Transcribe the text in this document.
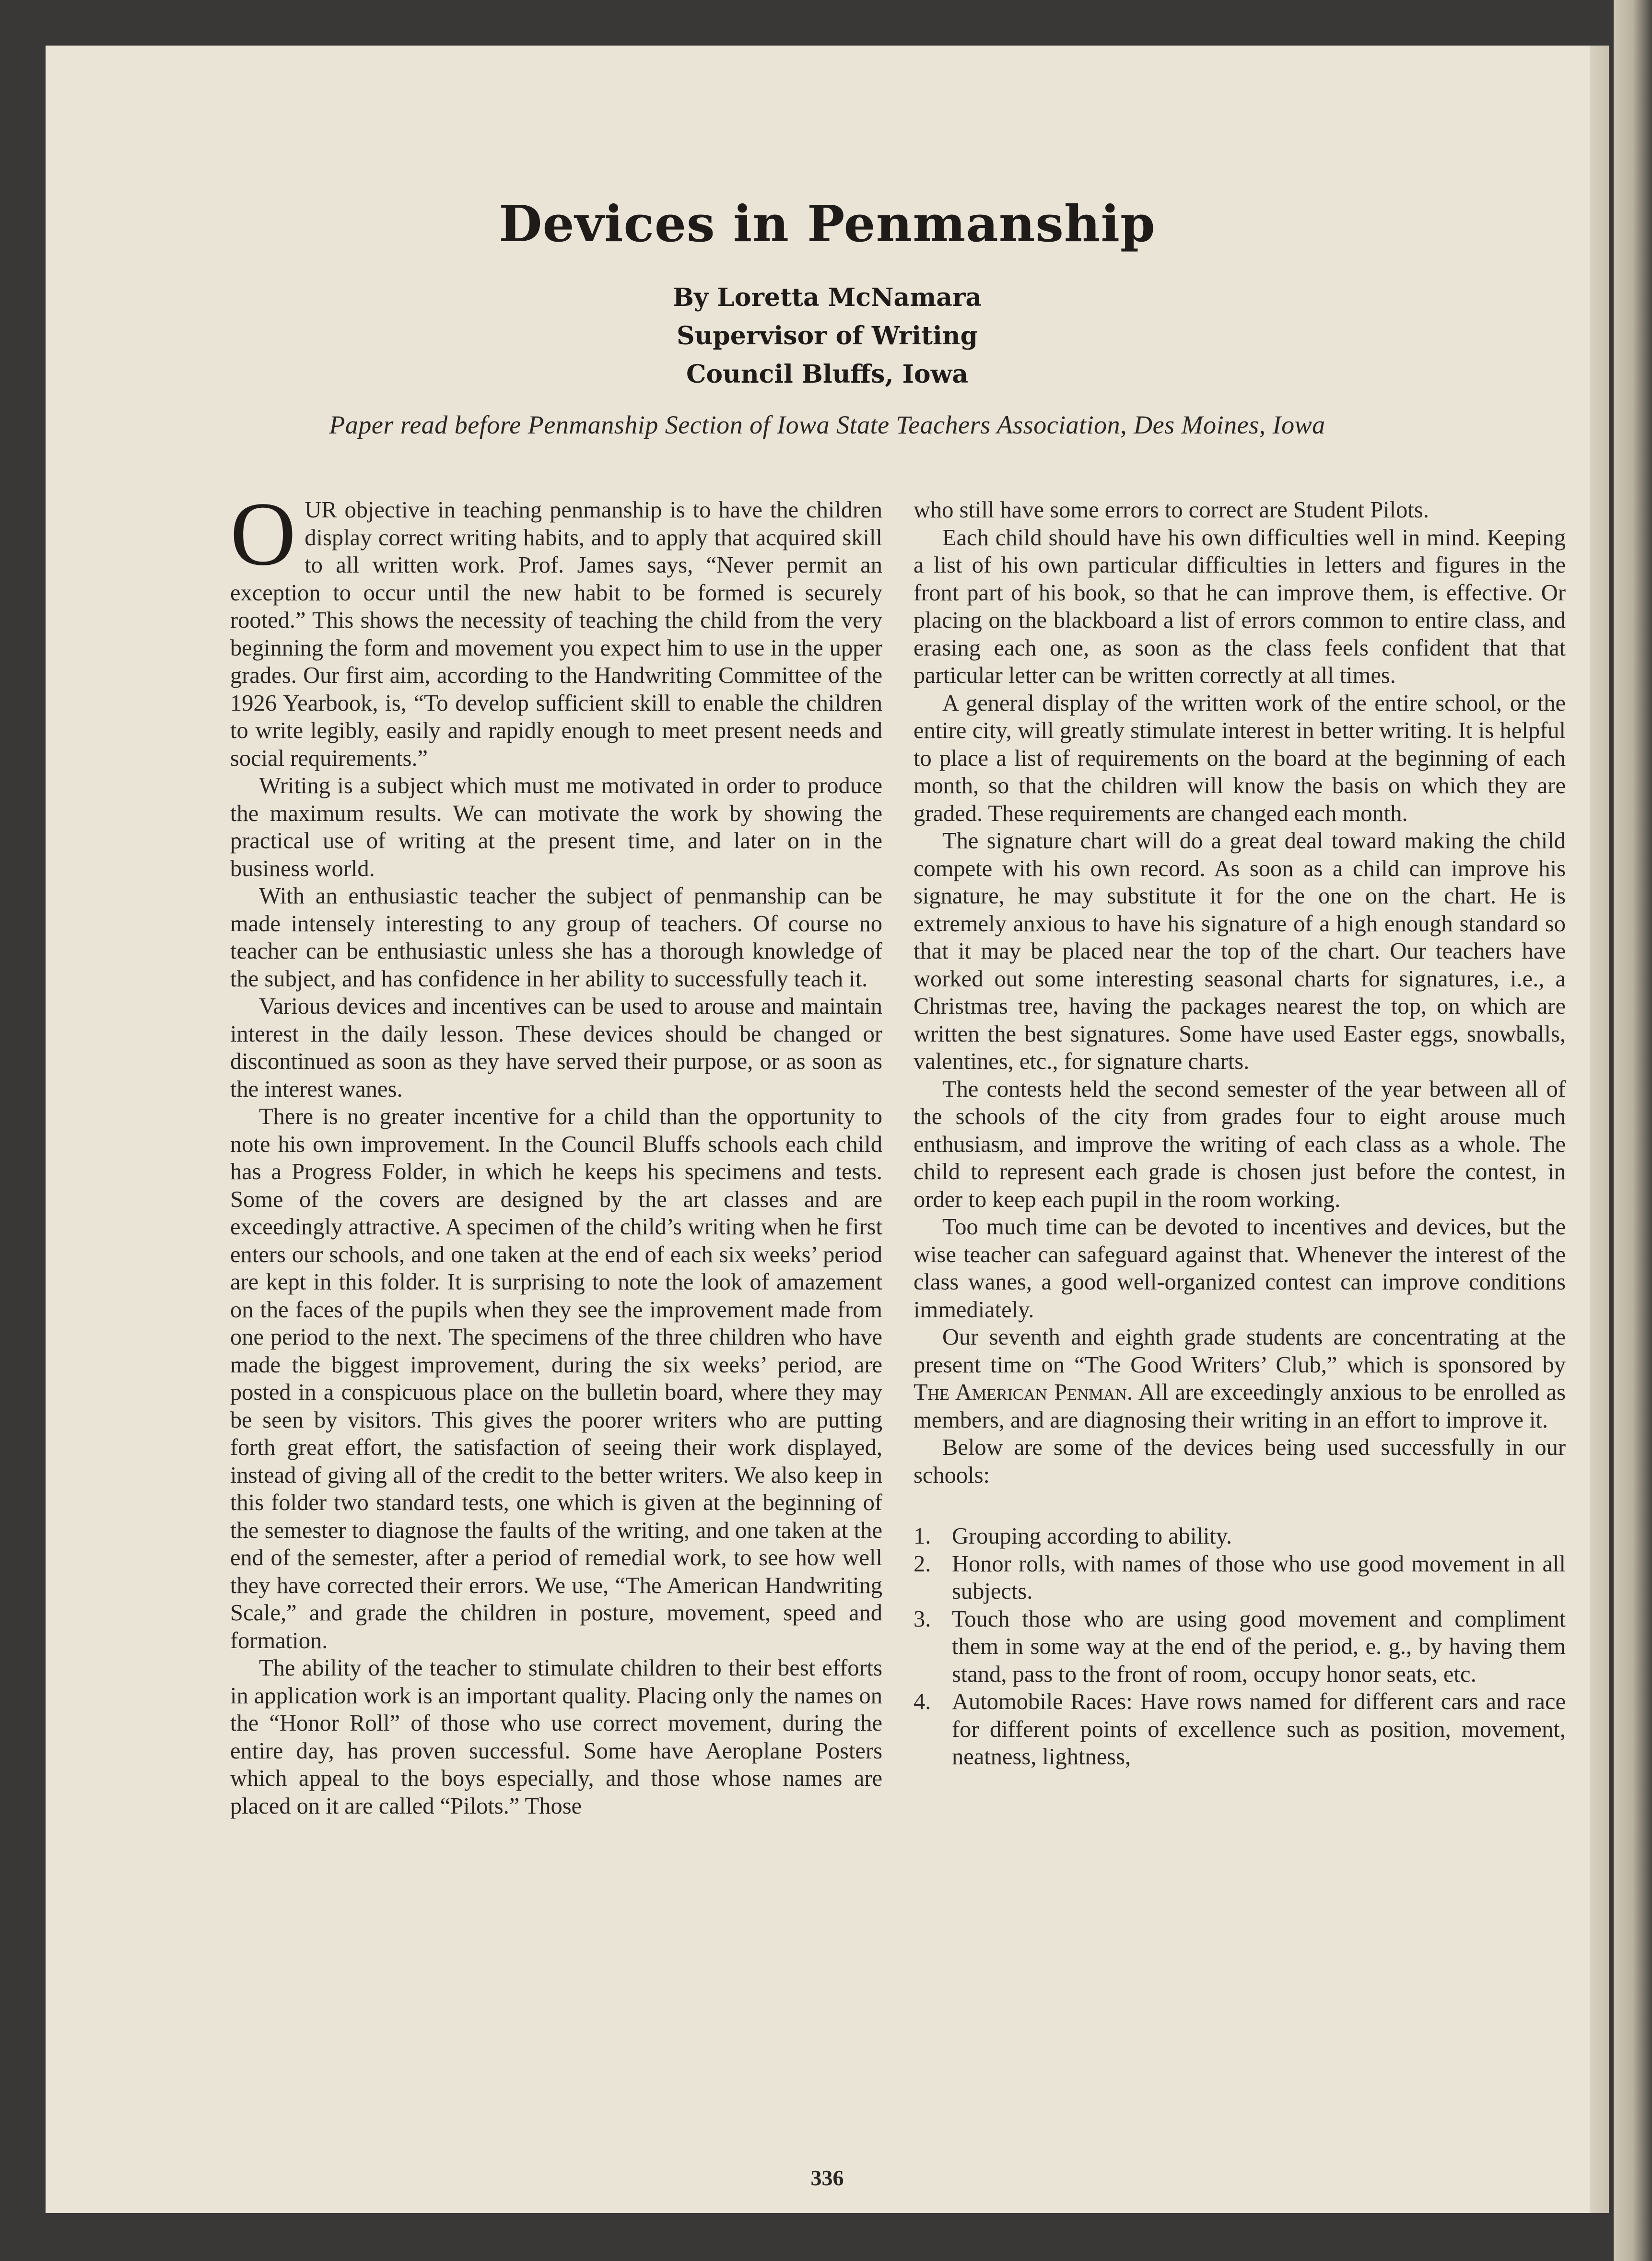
Devices in Penmanship
By Loretta McNamara
Supervisor of Writing
Council Bluffs, Iowa
Paper read before Penmanship Section of Iowa State Teachers Association, Des Moines, Iowa

OUR objective in teaching penmanship is to have the children display correct writing habits, and to apply that acquired skill to all written work. Prof. James says, “Never permit an exception to occur until the new habit to be formed is securely rooted.” This shows the necessity of teaching the child from the very beginning the form and movement you expect him to use in the upper grades. Our first aim, according to the Handwriting Committee of the 1926 Yearbook, is, “To develop sufficient skill to enable the children to write legibly, easily and rapidly enough to meet present needs and social requirements.”

Writing is a subject which must me motivated in order to produce the maximum results. We can motivate the work by showing the practical use of writing at the present time, and later on in the business world.

With an enthusiastic teacher the subject of penmanship can be made intensely interesting to any group of teachers. Of course no teacher can be enthusiastic unless she has a thorough knowledge of the subject, and has confidence in her ability to successfully teach it.

Various devices and incentives can be used to arouse and maintain interest in the daily lesson. These devices should be changed or discontinued as soon as they have served their purpose, or as soon as the interest wanes.

There is no greater incentive for a child than the opportunity to note his own improvement. In the Council Bluffs schools each child has a Progress Folder, in which he keeps his specimens and tests. Some of the covers are designed by the art classes and are exceedingly attractive. A specimen of the child’s writing when he first enters our schools, and one taken at the end of each six weeks’ period are kept in this folder. It is surprising to note the look of amazement on the faces of the pupils when they see the improvement made from one period to the next. The specimens of the three children who have made the biggest improvement, during the six weeks’ period, are posted in a conspicuous place on the bulletin board, where they may be seen by visitors. This gives the poorer writers who are putting forth great effort, the satisfaction of seeing their work displayed, instead of giving all of the credit to the better writers. We also keep in this folder two standard tests, one which is given at the beginning of the semester to diagnose the faults of the writing, and one taken at the end of the semester, after a period of remedial work, to see how well they have corrected their errors. We use, “The American Handwriting Scale,” and grade the children in posture, movement, speed and formation.

The ability of the teacher to stimulate children to their best efforts in application work is an important quality. Placing only the names on the “Honor Roll” of those who use correct movement, during the entire day, has proven successful. Some have Aeroplane Posters which appeal to the boys especially, and those whose names are placed on it are called “Pilots.” Those

who still have some errors to correct are Student Pilots.

Each child should have his own difficulties well in mind. Keeping a list of his own particular difficulties in letters and figures in the front part of his book, so that he can improve them, is effective. Or placing on the blackboard a list of errors common to entire class, and erasing each one, as soon as the class feels confident that that particular letter can be written correctly at all times.

A general display of the written work of the entire school, or the entire city, will greatly stimulate interest in better writing. It is helpful to place a list of requirements on the board at the beginning of each month, so that the children will know the basis on which they are graded. These requirements are changed each month.

The signature chart will do a great deal toward making the child compete with his own record. As soon as a child can improve his signature, he may substitute it for the one on the chart. He is extremely anxious to have his signature of a high enough standard so that it may be placed near the top of the chart. Our teachers have worked out some interesting seasonal charts for signatures, i.e., a Christmas tree, having the packages nearest the top, on which are written the best signatures. Some have used Easter eggs, snowballs, valentines, etc., for signature charts.

The contests held the second semester of the year between all of the schools of the city from grades four to eight arouse much enthusiasm, and improve the writing of each class as a whole. The child to represent each grade is chosen just before the contest, in order to keep each pupil in the room working.

Too much time can be devoted to incentives and devices, but the wise teacher can safeguard against that. Whenever the interest of the class wanes, a good well-organized contest can improve conditions immediately.

Our seventh and eighth grade students are concentrating at the present time on “The Good Writers’ Club,” which is sponsored by The American Penman. All are exceedingly anxious to be enrolled as members, and are diagnosing their writing in an effort to improve it.

Below are some of the devices being used successfully in our schools:

1. Grouping according to ability.
2. Honor rolls, with names of those who use good movement in all subjects.
3. Touch those who are using good movement and compliment them in some way at the end of the period, e. g., by having them stand, pass to the front of room, occupy honor seats, etc.
4. Automobile Races: Have rows named for different cars and race for different points of excellence such as position, movement, neatness, lightness,
336
